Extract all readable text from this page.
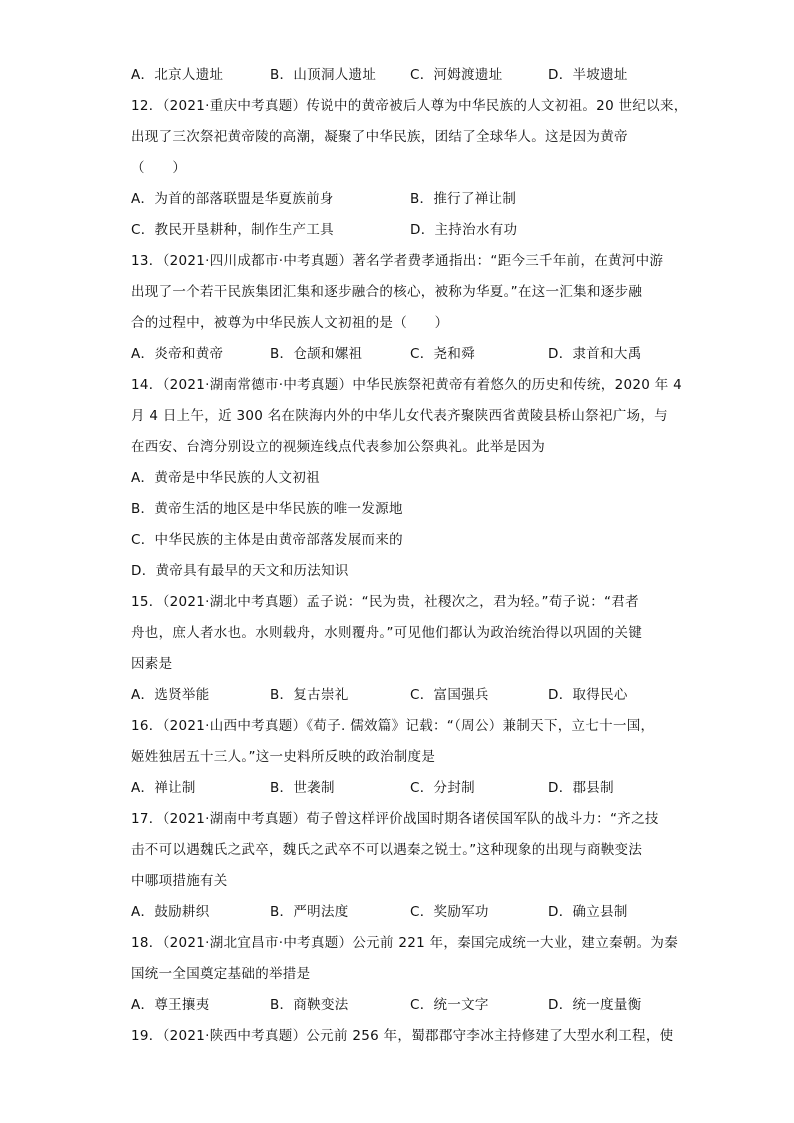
A．北京人遗址	B．山顶洞人遗址	C．河姆渡遗址	D．半坡遗址
12．（2021·重庆中考真题）传说中的黄帝被后人尊为中华民族的人文初祖。20 世纪以来，
出现了三次祭祀黄帝陵的高潮，凝聚了中华民族，团结了全球华人。这是因为黄帝
（　　）
A．为首的部落联盟是华夏族前身	B．推行了禅让制
C．教民开垦耕种，制作生产工具	D．主持治水有功
13．（2021·四川成都市·中考真题）著名学者费孝通指出：“距今三千年前，在黄河中游
出现了一个若干民族集团汇集和逐步融合的核心，被称为华夏。”在这一汇集和逐步融
合的过程中，被尊为中华民族人文初祖的是（　　）
A．炎帝和黄帝	B．仓颉和嫘祖	C．尧和舜	D．隶首和大禹
14．（2021·湖南常德市·中考真题）中华民族祭祀黄帝有着悠久的历史和传统，2020 年 4
月 4 日上午，近 300 名在陕海内外的中华儿女代表齐聚陕西省黄陵县桥山祭祀广场，与
在西安、台湾分别设立的视频连线点代表参加公祭典礼。此举是因为
A．黄帝是中华民族的人文初祖
B．黄帝生活的地区是中华民族的唯一发源地
C．中华民族的主体是由黄帝部落发展而来的
D．黄帝具有最早的天文和历法知识
15．（2021·湖北中考真题）孟子说：“民为贵，社稷次之，君为轻。”荀子说：“君者
舟也，庶人者水也。水则载舟，水则覆舟。”可见他们都认为政治统治得以巩固的关键
因素是
A．选贤举能	B．复古崇礼	C．富国强兵	D．取得民心
16．（2021·山西中考真题）《荀子. 儒效篇》记载：“（周公）兼制天下，立七十一国，
姬姓独居五十三人。”这一史料所反映的政治制度是
A．禅让制	B．世袭制	C．分封制	D．郡县制
17．（2021·湖南中考真题）荀子曾这样评价战国时期各诸侯国军队的战斗力：“齐之技
击不可以遇魏氏之武卒，魏氏之武卒不可以遇秦之锐士。”这种现象的出现与商鞅变法
中哪项措施有关
A．鼓励耕织	B．严明法度	C．奖励军功	D．确立县制
18．（2021·湖北宜昌市·中考真题）公元前 221 年，秦国完成统一大业，建立秦朝。为秦
国统一全国奠定基础的举措是
A．尊王攘夷	B．商鞅变法	C．统一文字	D．统一度量衡
19．（2021·陕西中考真题）公元前 256 年，蜀郡郡守李冰主持修建了大型水利工程，使
